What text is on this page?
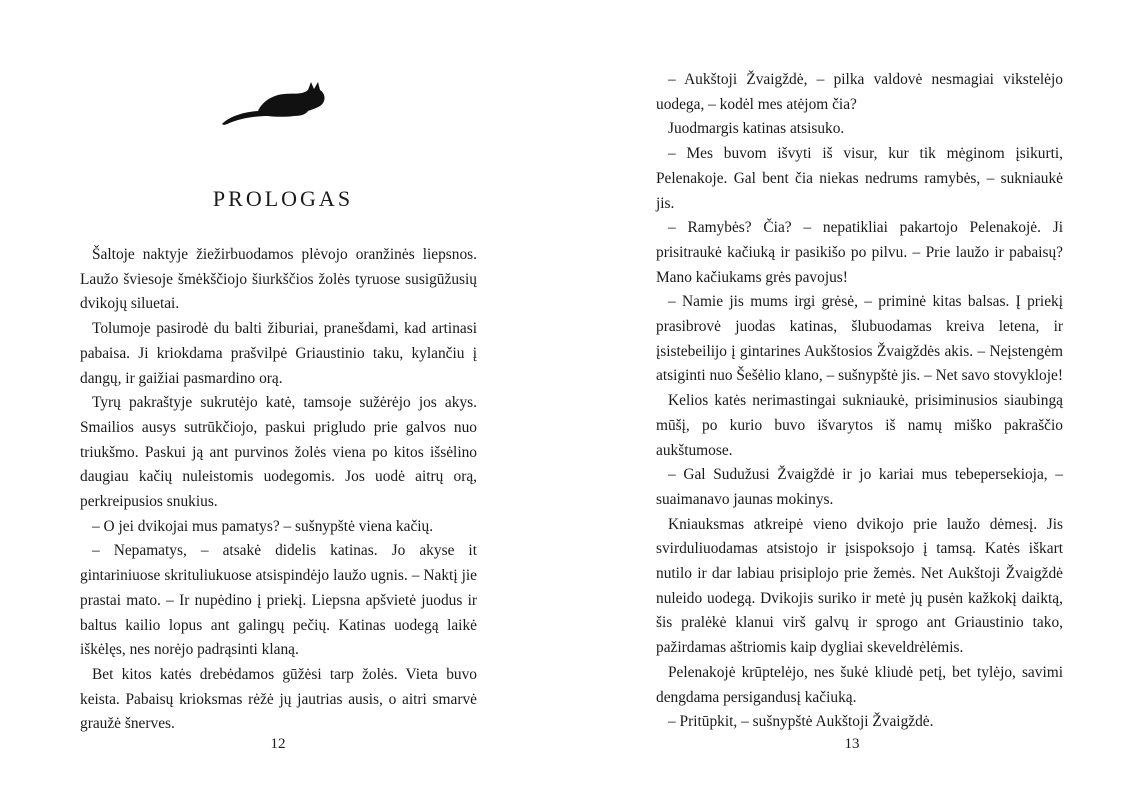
PROLOGAS

Šaltoje naktyje žiežirbuodamos plėvojo oranžinės liepsnos. Laužo šviesoje šmėkščiojo šiurkščios žolės tyruose susigūžusių dvikojų siluetai.

Tolumoje pasirodė du balti žiburiai, pranešdami, kad artinasi pabaisa. Ji kriokdama prašvilpė Griaustinio taku, kylančiu į dangų, ir gaižiai pasmardino orą.

Tyrų pakraštyje sukrutėjo katė, tamsoje sužėrėjo jos akys. Smailios ausys sutrūkčiojo, paskui prigludo prie galvos nuo triukšmo. Paskui ją ant purvinos žolės viena po kitos išsėlino daugiau kačių nuleistomis uodegomis. Jos uodė aitrų orą, perkreipusios snukius.

– O jei dvikojai mus pamatys? – sušnypštė viena kačių.

– Nepamatys, – atsakė didelis katinas. Jo akyse it gintariniuose skrituliukuose atsispindėjo laužo ugnis. – Naktį jie prastai mato. – Ir nupėdino į priekį. Liepsna apšvietė juodus ir baltus kailio lopus ant galingų pečių. Katinas uodegą laikė iškėlęs, nes norėjo padrąsinti klaną.

Bet kitos katės drebėdamos gūžėsi tarp žolės. Vieta buvo keista. Pabaisų krioksmas rėžė jų jautrias ausis, o aitri smarvė graužė šnerves.

12

– Aukštoji Žvaigždė, – pilka valdovė nesmagiai vikstelėjo uodega, – kodėl mes atėjom čia?

Juodmargis katinas atsisuko.

– Mes buvom išvyti iš visur, kur tik mėginom įsikurti, Pelenakoje. Gal bent čia niekas nedrums ramybės, – sukniaukė jis.

– Ramybės? Čia? – nepatikliai pakartojo Pelenakojė. Ji prisitraukė kačiuką ir pasikišo po pilvu. – Prie laužo ir pabaisų? Mano kačiukams grės pavojus!

– Namie jis mums irgi grėsė, – priminė kitas balsas. Į priekį prasibrovė juodas katinas, šlubuodamas kreiva letena, ir įsistebeilijo į gintarines Aukštosios Žvaigždės akis. – Neįstengėm atsiginti nuo Šešėlio klano, – sušnypštė jis. – Net savo stovykloje!

Kelios katės nerimastingai sukniaukė, prisiminusios siaubingą mūšį, po kurio buvo išvarytos iš namų miško pakraščio aukštumose.

– Gal Sudužusi Žvaigždė ir jo kariai mus tebepersekioja, – suaimanavo jaunas mokinys.

Kniauksmas atkreipė vieno dvikojo prie laužo dėmesį. Jis svirduliuodamas atsistojo ir įsispoksojo į tamsą. Katės iškart nutilo ir dar labiau prisiplojo prie žemės. Net Aukštoji Žvaigždė nuleido uodegą. Dvikojis suriko ir metė jų pusėn kažkokį daiktą, šis pralėkė klanui virš galvų ir sprogo ant Griaustinio tako, pažirdamas aštriomis kaip dygliai skeveldrėlėmis.

Pelenakojė krūptelėjo, nes šukė kliudė petį, bet tylėjo, savimi dengdama persigandusį kačiuką.

– Pritūpkit, – sušnypštė Aukštoji Žvaigždė.

13
